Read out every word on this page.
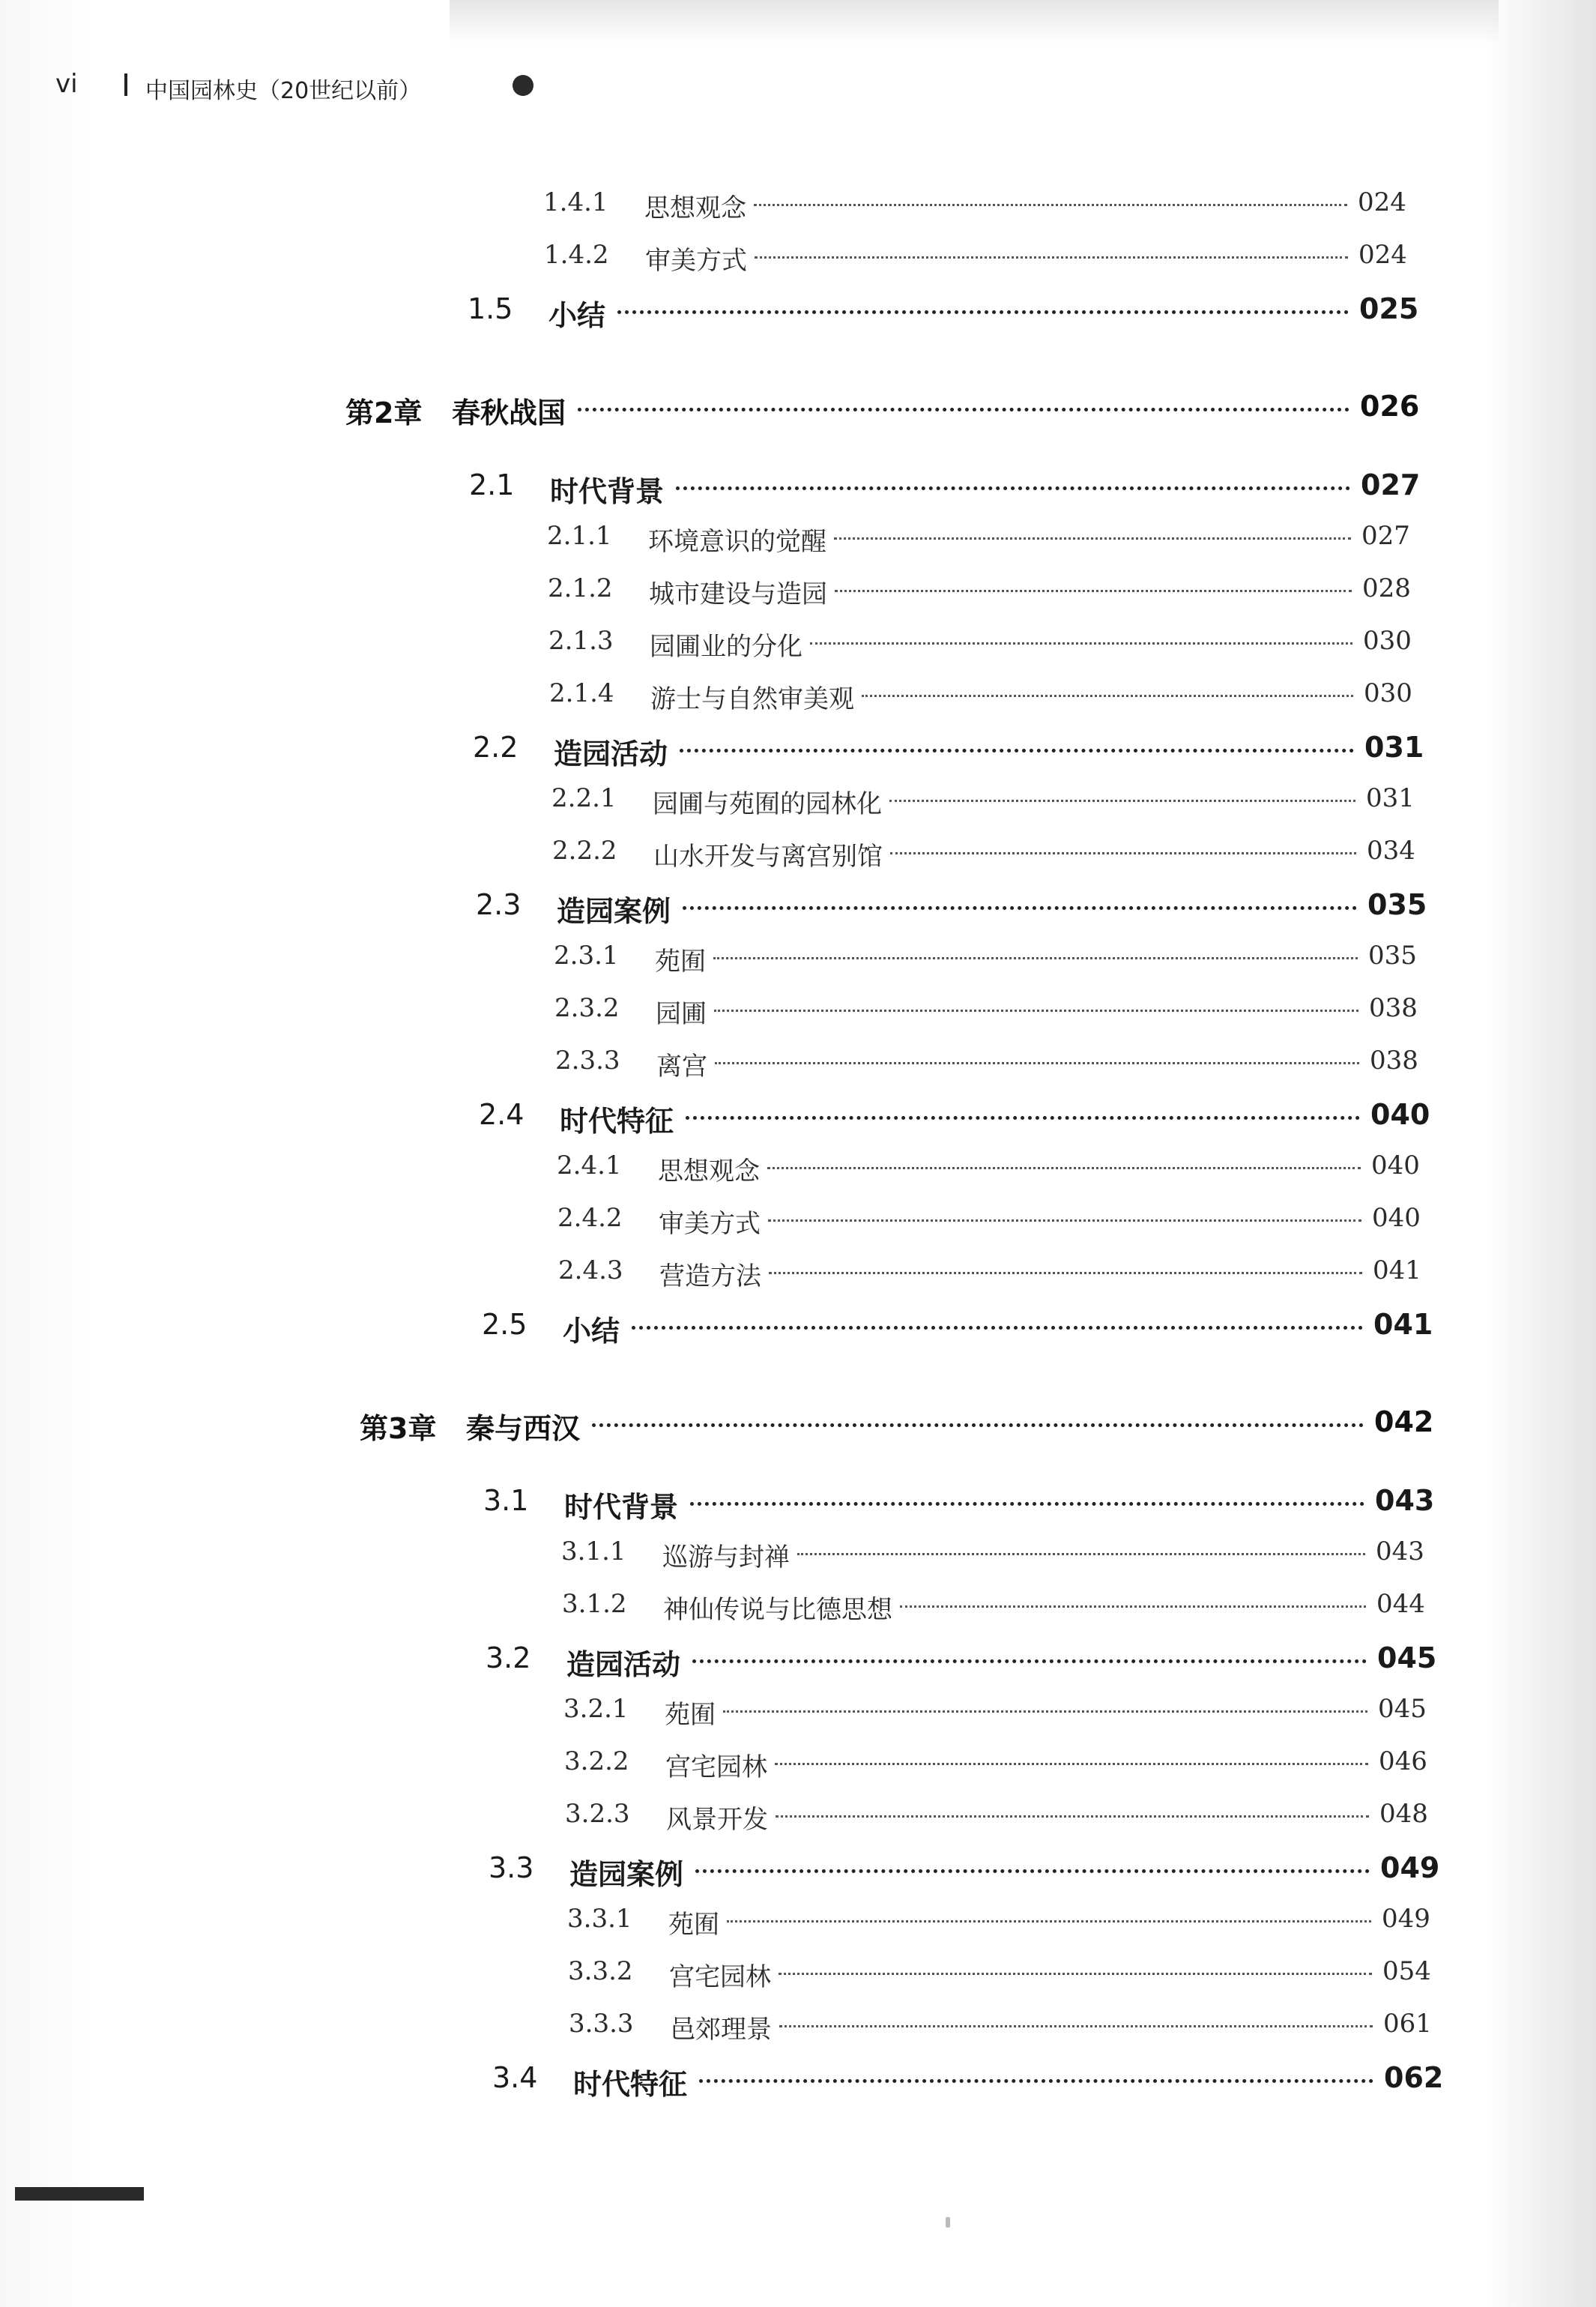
vi	中国园林史（20世纪以前）
1.4.1 思想观念	024
1.4.2 审美方式	024
1.5 小结	025
第2章 春秋战国	026
2.1 时代背景	027
2.1.1 环境意识的觉醒	027
2.1.2 城市建设与造园	028
2.1.3 园圃业的分化	030
2.1.4 游士与自然审美观	030
2.2 造园活动	031
2.2.1 园圃与苑囿的园林化	031
2.2.2 山水开发与离宫别馆	034
2.3 造园案例	035
2.3.1 苑囿	035
2.3.2 园圃	038
2.3.3 离宫	038
2.4 时代特征	040
2.4.1 思想观念	040
2.4.2 审美方式	040
2.4.3 营造方法	041
2.5 小结	041
第3章 秦与西汉	042
3.1 时代背景	043
3.1.1 巡游与封禅	043
3.1.2 神仙传说与比德思想	044
3.2 造园活动	045
3.2.1 苑囿	045
3.2.2 宫宅园林	046
3.2.3 风景开发	048
3.3 造园案例	049
3.3.1 苑囿	049
3.3.2 宫宅园林	054
3.3.3 邑郊理景	061
3.4 时代特征	062
